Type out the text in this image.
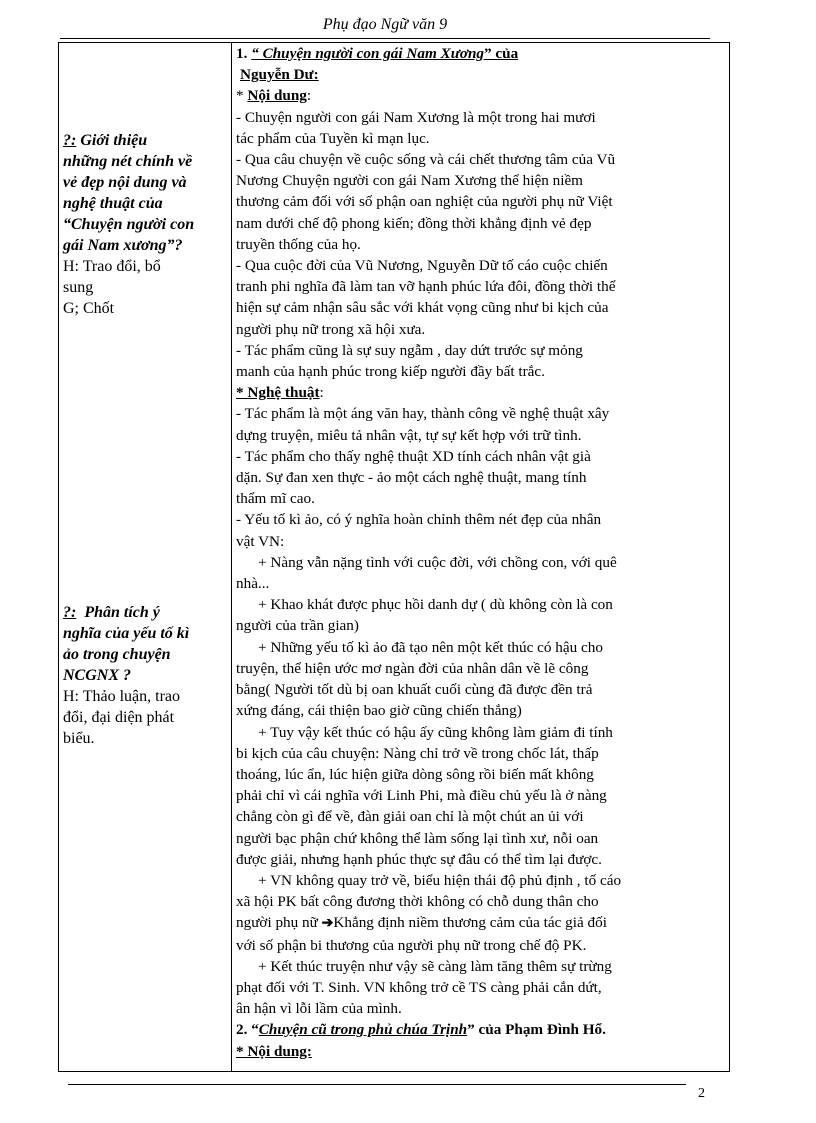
Phụ đạo Ngữ văn 9
?: Giới thiệu
những nét chính về
vẻ đẹp nội dung và
nghệ thuật của
“Chuyện người con
gái Nam xương”?
H: Trao đổi, bổ
sung
G; Chốt
?: Phân tích ý
nghĩa của yếu tố kì
ảo trong chuyện
NCGNX ?
H: Thảo luận, trao
đổi, đại diện phát
biểu.
1. “ Chuyện người con gái Nam Xương” của
Nguyễn Dư:
* Nội dung:
- Chuyện người con gái Nam Xương là một trong hai mươi
tác phẩm của Tuyền kì mạn lục.
- Qua câu chuyện về cuộc sống và cái chết thương tâm của Vũ
Nương Chuyện người con gái Nam Xương thể hiện niềm
thương cảm đối với số phận oan nghiệt của người phụ nữ Việt
nam dưới chế độ phong kiến; đồng thời khẳng định vẻ đẹp
truyền thống của họ.
- Qua cuộc đời của Vũ Nương, Nguyễn Dữ tố cáo cuộc chiến
tranh phi nghĩa đã làm tan vỡ hạnh phúc lứa đôi, đồng thời thể
hiện sự cảm nhận sâu sắc với khát vọng cũng như bi kịch của
người phụ nữ trong xã hội xưa.
- Tác phẩm cũng là sự suy ngẫm , day dứt trước sự mỏng
manh của hạnh phúc trong kiếp người đầy bất trắc.
* Nghệ thuật:
- Tác phẩm là một áng văn hay, thành công về nghệ thuật xây
dựng truyện, miêu tả nhân vật, tự sự kết hợp với trữ tình.
- Tác phẩm cho thấy nghệ thuật XD tính cách nhân vật già
dặn. Sự đan xen thực - ảo một cách nghệ thuật, mang tính
thẩm mĩ cao.
- Yếu tố kì ảo, có ý nghĩa hoàn chỉnh thêm nét đẹp của nhân
vật VN:
+ Nàng vẫn nặng tình với cuộc đời, với chồng con, với quê
nhà...
+ Khao khát được phục hồi danh dự ( dù không còn là con
người của trần gian)
+ Những yếu tố kì ảo đã tạo nên một kết thúc có hậu cho
truyện, thể hiện ước mơ ngàn đời của nhân dân về lẽ công
bằng( Người tốt dù bị oan khuất cuối cùng đã được đền trả
xứng đáng, cái thiện bao giờ cũng chiến thắng)
+ Tuy vậy kết thúc có hậu ấy cũng không làm giảm đi tính
bi kịch của câu chuyện: Nàng chỉ trở về trong chốc lát, thấp
thoáng, lúc ẩn, lúc hiện giữa dòng sông rồi biến mất không
phải chỉ vì cái nghĩa với Linh Phi, mà điều chủ yếu là ở nàng
chẳng còn gì để về, đàn giải oan chỉ là một chút an ủi với
người bạc phận chứ không thể làm sống lại tình xư, nỗi oan
được giải, nhưng hạnh phúc thực sự đâu có thể tìm lại được.
+ VN không quay trở về, biểu hiện thái độ phủ định , tố cáo
xã hội PK bất công đương thời không có chỗ dung thân cho
người phụ nữ ➔Khẳng định niềm thương cảm của tác giả đối
với số phận bi thương của người phụ nữ trong chế độ PK.
+ Kết thúc truyện như vậy sẽ càng làm tăng thêm sự trừng
phạt đối với T. Sinh. VN không trở cề TS càng phải cắn dứt,
ân hận vì lỗi lầm của mình.
2. “Chuyện cũ trong phủ chúa Trịnh” của Phạm Đình Hổ.
* Nội dung:
2
